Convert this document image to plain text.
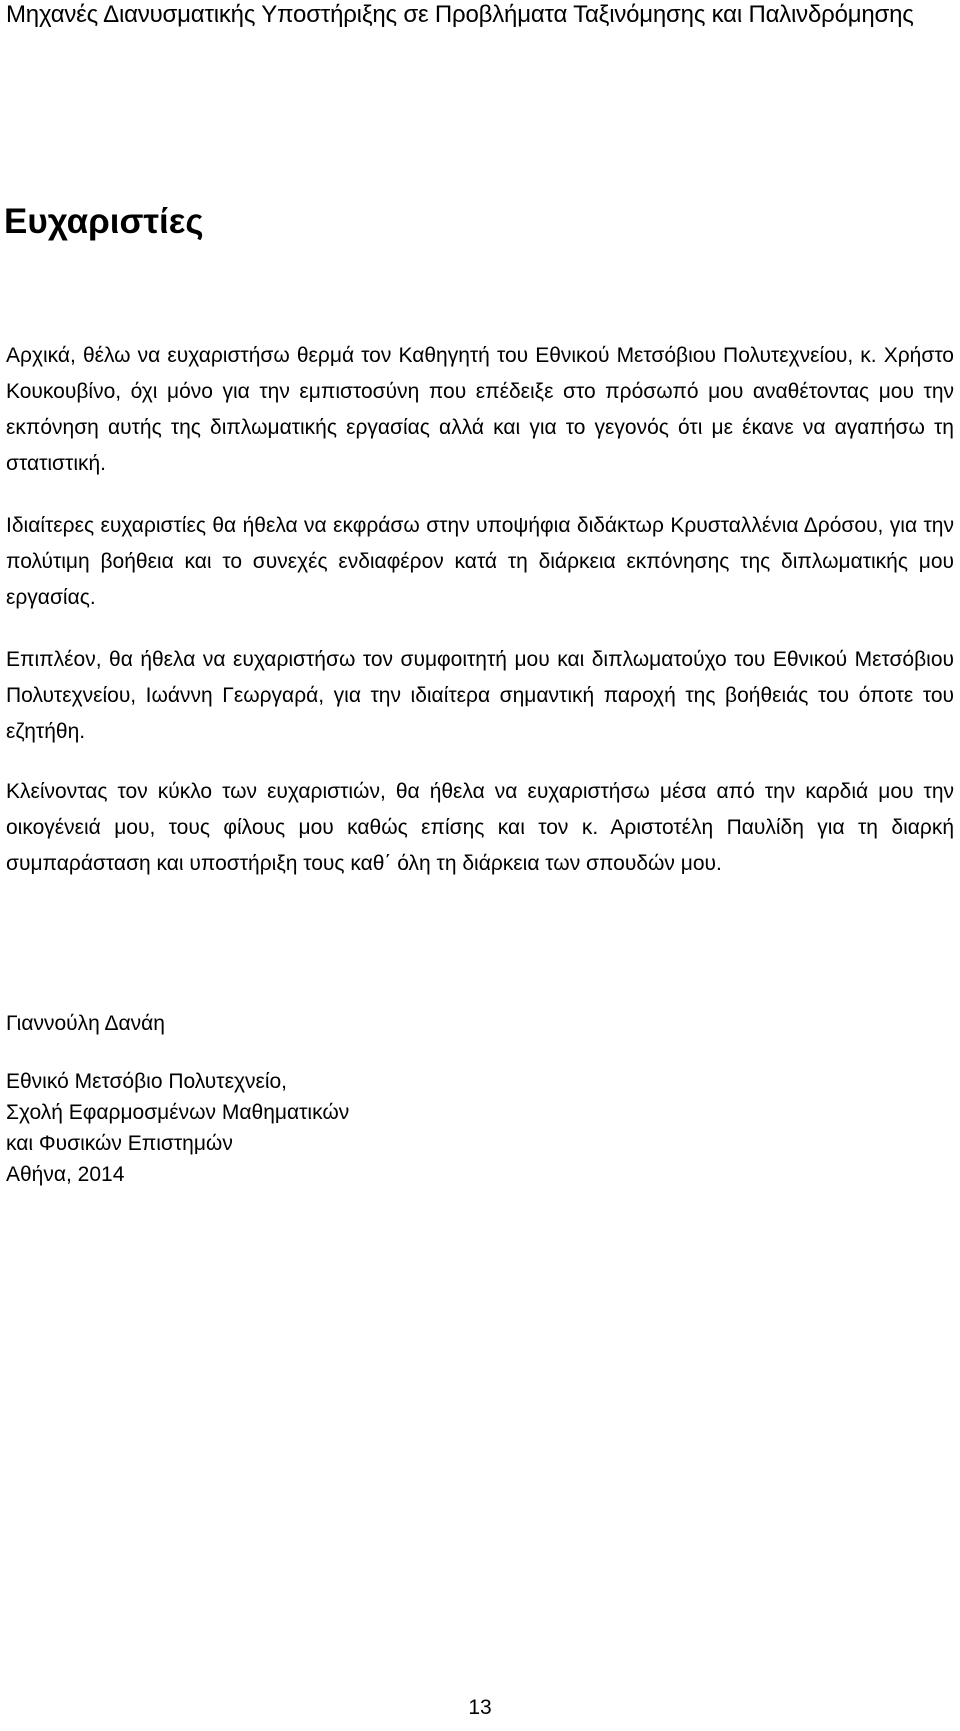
Μηχανές Διανυσματικής Υποστήριξης σε Προβλήματα Ταξινόμησης και Παλινδρόμησης
Ευχαριστίες

Αρχικά, θέλω να ευχαριστήσω θερμά τον Καθηγητή του Εθνικού Μετσόβιου Πολυτεχνείου, κ. Χρήστο Κουκουβίνο, όχι μόνο για την εμπιστοσύνη που επέδειξε στο πρόσωπό μου αναθέτοντας μου την εκπόνηση αυτής της διπλωματικής εργασίας αλλά και για το γεγονός ότι με έκανε να αγαπήσω τη στατιστική.

Ιδιαίτερες ευχαριστίες θα ήθελα να εκφράσω στην υποψήφια διδάκτωρ Κρυσταλλένια Δρόσου, για την πολύτιμη βοήθεια και το συνεχές ενδιαφέρον κατά τη διάρκεια εκπόνησης της διπλωματικής μου εργασίας.

Επιπλέον, θα ήθελα να ευχαριστήσω τον συμφοιτητή μου και διπλωματούχο του Εθνικού Μετσόβιου Πολυτεχνείου, Ιωάννη Γεωργαρά, για την ιδιαίτερα σημαντική παροχή της βοήθειάς του όποτε του εζητήθη.

Κλείνοντας τον κύκλο των ευχαριστιών, θα ήθελα να ευχαριστήσω μέσα από την καρδιά μου την οικογένειά μου, τους φίλους μου καθώς επίσης και τον κ. Αριστοτέλη Παυλίδη για τη διαρκή συμπαράσταση και υποστήριξη τους καθ΄ όλη τη διάρκεια των σπουδών μου.

Γιαννούλη Δανάη

Εθνικό Μετσόβιο Πολυτεχνείο,
Σχολή Εφαρμοσμένων Μαθηματικών
και Φυσικών Επιστημών
Αθήνα, 2014
13
